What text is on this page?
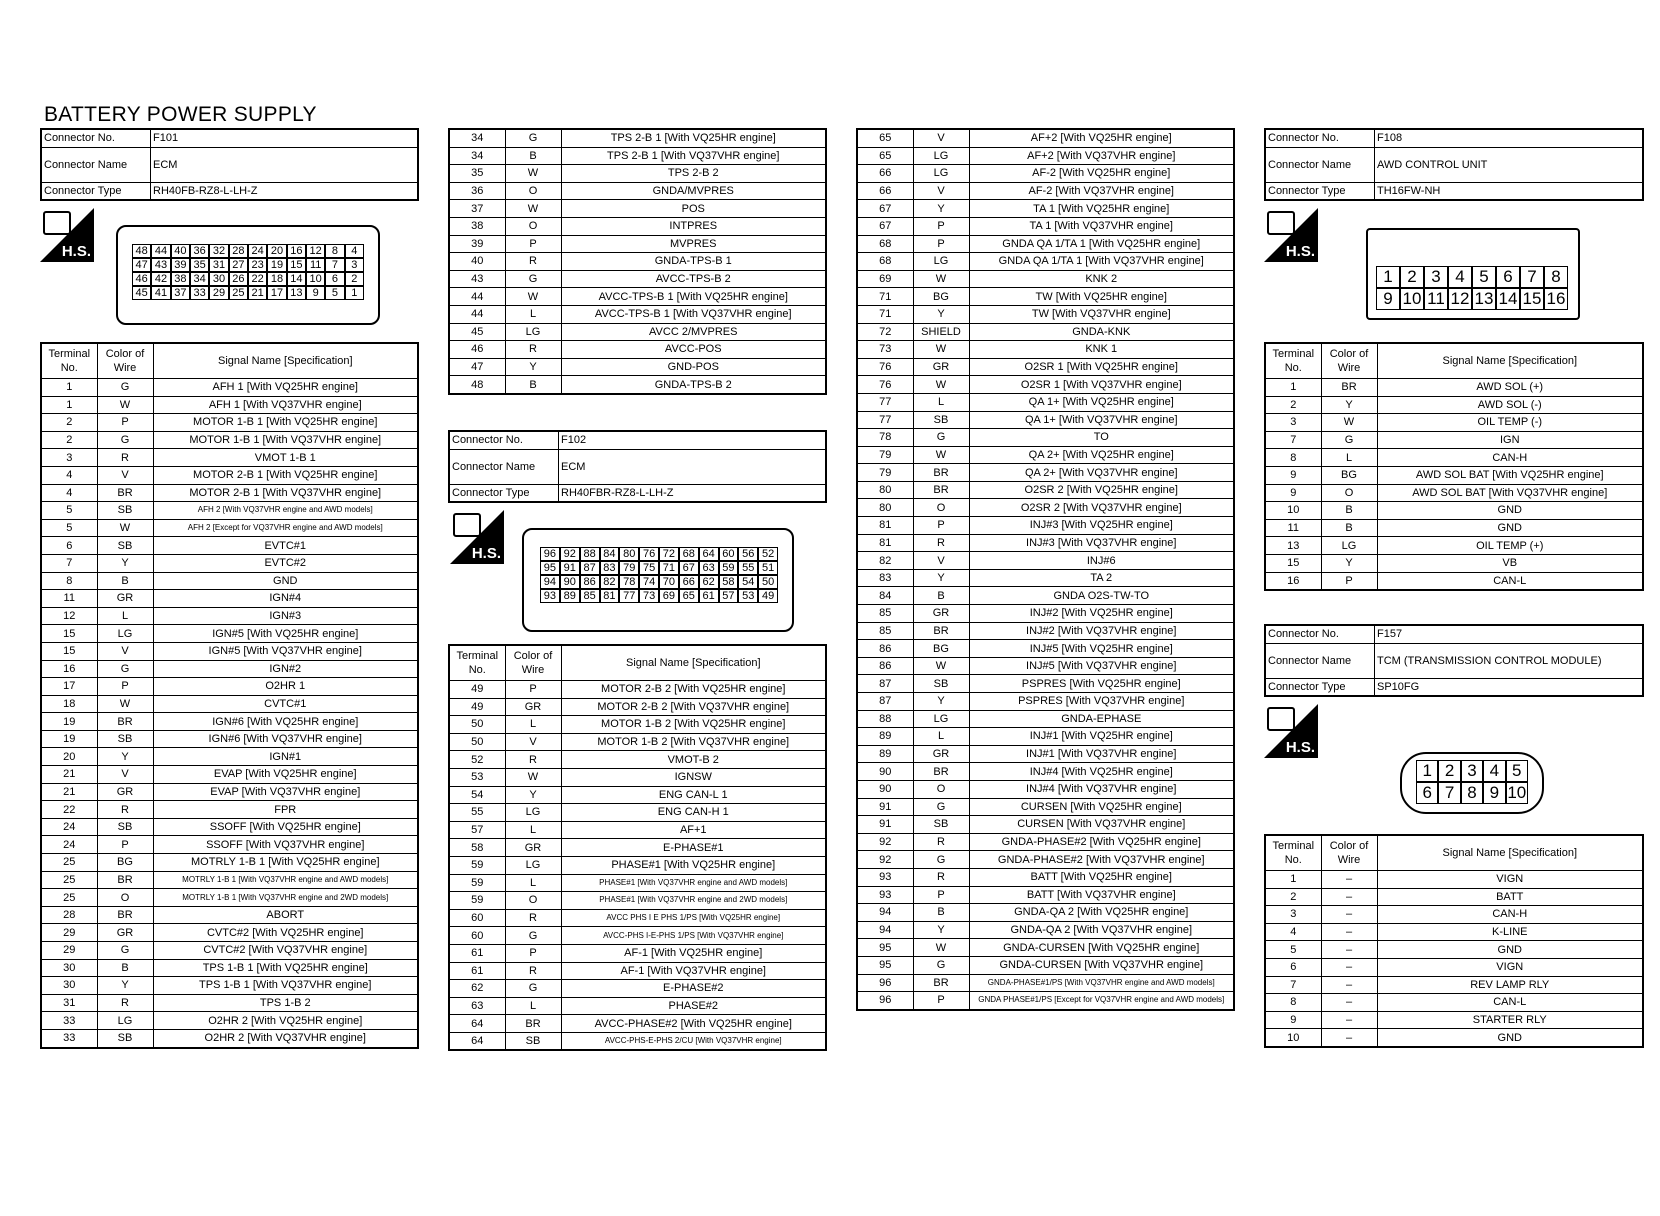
BATTERY POWER SUPPLY
Connector No.	F101
Connector Name	ECM
Connector Type	RH40FB-RZ8-L-LH-Z
H.S.	48 44 40 36 32 28 24 20 16 12 8	4
47 43 39 35 31 27 23 19 15 11 7	3
46 42 38 34 30 26 22 18 14 10 6	2
45 41 37 33 29 25 21 17 13 9	5	1
Terminal No.	Color of Wire	Signal Name [Specification]
1	G	AFH 1 [With VQ25HR engine]
1	W	AFH 1 [With VQ37VHR engine]
2	P	MOTOR 1-B 1 [With VQ25HR engine]
2	G	MOTOR 1-B 1 [With VQ37VHR engine]
3	R	VMOT 1-B 1
4	V	MOTOR 2-B 1 [With VQ25HR engine]
4	BR	MOTOR 2-B 1 [With VQ37VHR engine]
5	SB	AFH 2 [With VQ37VHR engine and AWD models]
5	W	AFH 2 [Except for VQ37VHR engine and AWD models]
6	SB	EVTC#1
7	Y	EVTC#2
8	B	GND
11	GR	IGN#4
12	L	IGN#3
15	LG	IGN#5 [With VQ25HR engine]
15	V	IGN#5 [With VQ37VHR engine]
16	G	IGN#2
17	P	O2HR 1
18	W	CVTC#1
19	BR	IGN#6 [With VQ25HR engine]
19	SB	IGN#6 [With VQ37VHR engine]
20	Y	IGN#1
21	V	EVAP [With VQ25HR engine]
21	GR	EVAP [With VQ37VHR engine]
22	R	FPR
24	SB	SSOFF [With VQ25HR engine]
24	P	SSOFF [With VQ37VHR engine]
25	BG	MOTRLY 1-B 1 [With VQ25HR engine]
25	BR	MOTRLY 1-B 1 [With VQ37VHR engine and AWD models]
25	O	MOTRLY 1-B 1 [With VQ37VHR engine and 2WD models]
28	BR	ABORT
29	GR	CVTC#2 [With VQ25HR engine]
29	G	CVTC#2 [With VQ37VHR engine]
30	B	TPS 1-B 1 [With VQ25HR engine]
30	Y	TPS 1-B 1 [With VQ37VHR engine]
31	R	TPS 1-B 2
33	LG	O2HR 2 [With VQ25HR engine]
33	SB	O2HR 2 [With VQ37VHR engine]
34	G	TPS 2-B 1 [With VQ25HR engine]
34	B	TPS 2-B 1 [With VQ37VHR engine]
35	W	TPS 2-B 2
36	O	GNDA/MVPRES
37	W	POS
38	O	INTPRES
39	P	MVPRES
40	R	GNDA-TPS-B 1
43	G	AVCC-TPS-B 2
44	W	AVCC-TPS-B 1 [With VQ25HR engine]
44	L	AVCC-TPS-B 1 [With VQ37VHR engine]
45	LG	AVCC 2/MVPRES
46	R	AVCC-POS
47	Y	GND-POS
48	B	GNDA-TPS-B 2
Connector No.	F102
Connector Name	ECM
Connector Type	RH40FBR-RZ8-L-LH-Z
H.S.	96 92 88 84 80 76 72 68 64 60 56 52
95 91 87 83 79 75 71 67 63 59 55 51
94 90 86 82 78 74 70 66 62 58 54 50
93 89 85 81 77 73 69 65 61 57 53 49
Terminal No.	Color of Wire	Signal Name [Specification]
49	P	MOTOR 2-B 2 [With VQ25HR engine]
49	GR	MOTOR 2-B 2 [With VQ37VHR engine]
50	L	MOTOR 1-B 2 [With VQ25HR engine]
50	V	MOTOR 1-B 2 [With VQ37VHR engine]
52	R	VMOT-B 2
53	W	IGNSW
54	Y	ENG CAN-L 1
55	LG	ENG CAN-H 1
57	L	AF+1
58	GR	E-PHASE#1
59	LG	PHASE#1 [With VQ25HR engine]
59	L	PHASE#1 [With VQ37VHR engine and AWD models]
59	O	PHASE#1 [With VQ37VHR engine and 2WD models]
60	R	AVCC PHS I E PHS 1/PS [With VQ25HR engine]
60	G	AVCC-PHS I-E-PHS 1/PS [With VQ37VHR engine]
61	P	AF-1 [With VQ25HR engine]
61	R	AF-1 [With VQ37VHR engine]
62	G	E-PHASE#2
63	L	PHASE#2
64	BR	AVCC-PHASE#2 [With VQ25HR engine]
64	SB	AVCC-PHS-E-PHS 2/CU [With VQ37VHR engine]
65	V	AF+2 [With VQ25HR engine]
65	LG	AF+2 [With VQ37VHR engine]
66	LG	AF-2 [With VQ25HR engine]
66	V	AF-2 [With VQ37VHR engine]
67	Y	TA 1 [With VQ25HR engine]
67	P	TA 1 [With VQ37VHR engine]
68	P	GNDA QA 1/TA 1 [With VQ25HR engine]
68	LG	GNDA QA 1/TA 1 [With VQ37VHR engine]
69	W	KNK 2
71	BG	TW [With VQ25HR engine]
71	Y	TW [With VQ37VHR engine]
72	SHIELD	GNDA-KNK
73	W	KNK 1
76	GR	O2SR 1 [With VQ25HR engine]
76	W	O2SR 1 [With VQ37VHR engine]
77	L	QA 1+ [With VQ25HR engine]
77	SB	QA 1+ [With VQ37VHR engine]
78	G	TO
79	W	QA 2+ [With VQ25HR engine]
79	BR	QA 2+ [With VQ37VHR engine]
80	BR	O2SR 2 [With VQ25HR engine]
80	O	O2SR 2 [With VQ37VHR engine]
81	P	INJ#3 [With VQ25HR engine]
81	R	INJ#3 [With VQ37VHR engine]
82	V	INJ#6
83	Y	TA 2
84	B	GNDA O2S-TW-TO
85	GR	INJ#2 [With VQ25HR engine]
85	BR	INJ#2 [With VQ37VHR engine]
86	BG	INJ#5 [With VQ25HR engine]
86	W	INJ#5 [With VQ37VHR engine]
87	SB	PSPRES [With VQ25HR engine]
87	Y	PSPRES [With VQ37VHR engine]
88	LG	GNDA-EPHASE
89	L	INJ#1 [With VQ25HR engine]
89	GR	INJ#1 [With VQ37VHR engine]
90	BR	INJ#4 [With VQ25HR engine]
90	O	INJ#4 [With VQ37VHR engine]
91	G	CURSEN [With VQ25HR engine]
91	SB	CURSEN [With VQ37VHR engine]
92	R	GNDA-PHASE#2 [With VQ25HR engine]
92	G	GNDA-PHASE#2 [With VQ37VHR engine]
93	R	BATT [With VQ25HR engine]
93	P	BATT [With VQ37VHR engine]
94	B	GNDA-QA 2 [With VQ25HR engine]
94	Y	GNDA-QA 2 [With VQ37VHR engine]
95	W	GNDA-CURSEN [With VQ25HR engine]
95	G	GNDA-CURSEN [With VQ37VHR engine]
96	BR	GNDA-PHASE#1/PS [With VQ37VHR engine and AWD models]
96	P	GNDA PHASE#1/PS [Except for VQ37VHR engine and AWD models]
Connector No.	F108
Connector Name	AWD CONTROL UNIT
Connector Type	TH16FW-NH
H.S.
1 2 3 4 5 6 7 8
9 10 11 12 13 14 15 16
Terminal No.	Color of Wire	Signal Name [Specification]
1	BR	AWD SOL (+)
2	Y	AWD SOL (-)
3	W	OIL TEMP (-)
7	G	IGN
8	L	CAN-H
9	BG	AWD SOL BAT [With VQ25HR engine]
9	O	AWD SOL BAT [With VQ37VHR engine]
10	B	GND
11	B	GND
13	LG	OIL TEMP (+)
15	Y	VB
16	P	CAN-L
Connector No.	F157
Connector Name	TCM (TRANSMISSION CONTROL MODULE)
Connector Type	SP10FG
H.S.
1 2 3 4 5
6 7 8 9 10
Terminal No.	Color of Wire	Signal Name [Specification]
1	–	VIGN
2	–	BATT
3	–	CAN-H
4	–	K-LINE
5	–	GND
6	–	VIGN
7	–	REV LAMP RLY
8	–	CAN-L
9	–	STARTER RLY
10	–	GND
